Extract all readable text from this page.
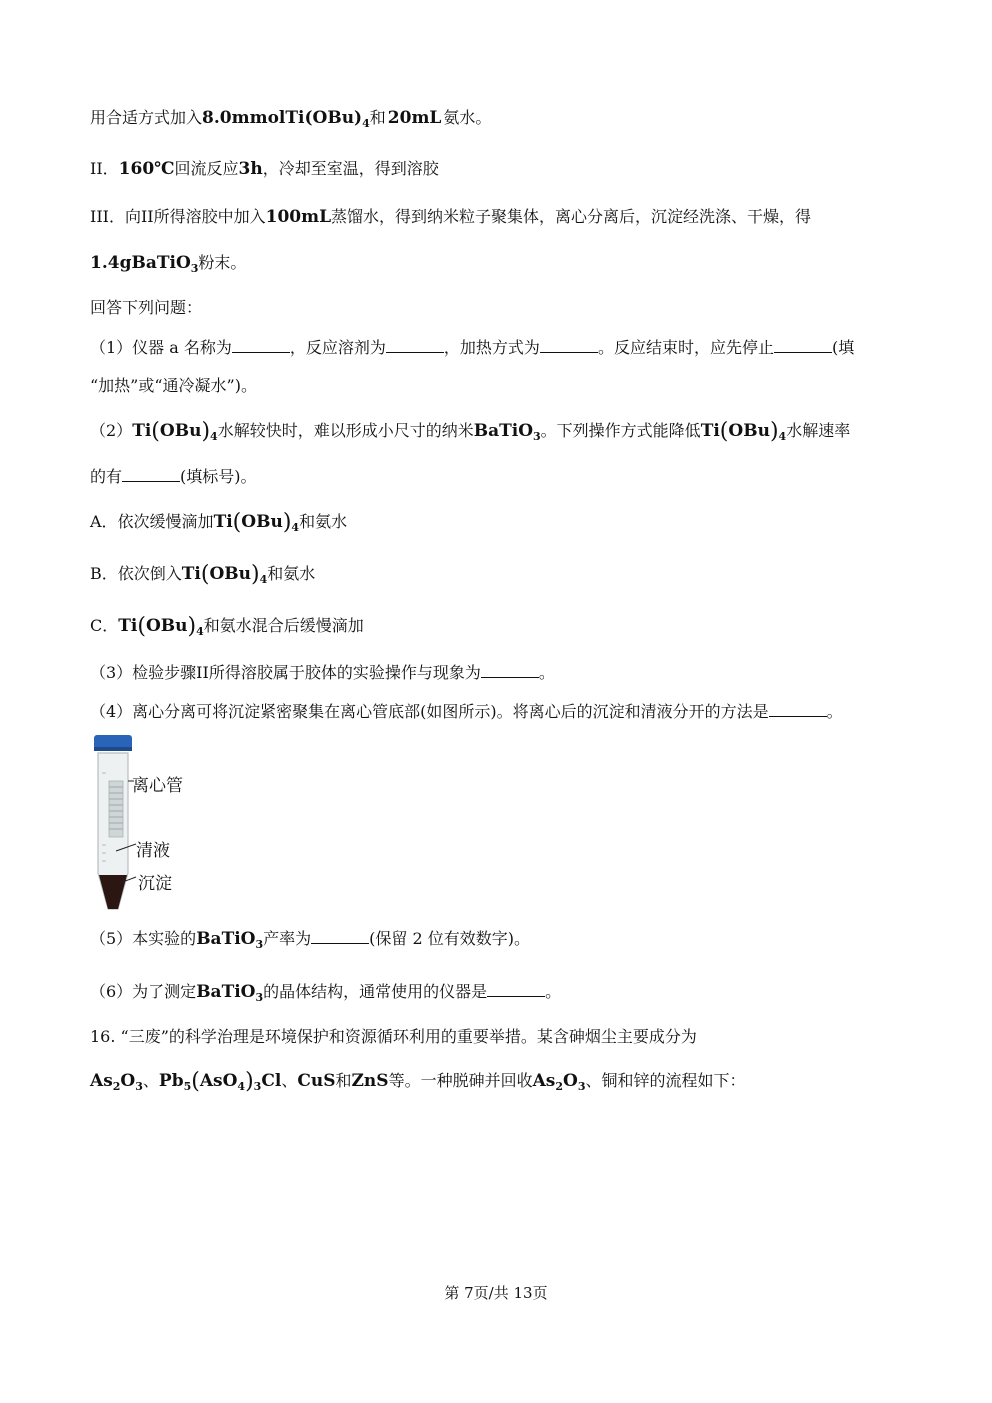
用合适方式加入$8.0mmolTi(OBu)_4$和 20mL 氨水。
II．160℃回流反应3h，冷却至室温，得到溶胶
III．向II所得溶胶中加入100mL蒸馏水，得到纳米粒子聚集体，离心分离后，沉淀经洗涤、干燥，得
1.4gBaTiO$_3$粉末。
回答下列问题：
（1）仪器 a 名称为	，反应溶剂为	，加热方式为	。反应结束时，应先停止	(填
“加热”或“通冷凝水”)。
$(2)Ti(OBu)_4$水解较快时，难以形成小尺寸的纳米BaTiO$_3$。下列操作方式能降低$Ti(OBu)_4$水解速率
的有	(填标号)。
A．依次缓慢滴加$Ti(OBu)_4$和氨水
B．依次倒入$Ti(OBu)_4$和氨水
C．$Ti(OBu)_4$和氨水混合后缓慢滴加
（3）检验步骤II所得溶胶属于胶体的实验操作与现象为	。
（4）离心分离可将沉淀紧密聚集在离心管底部(如图所示)。将离心后的沉淀和清液分开的方法是	。
离心管
清液
沉淀
（5）本实验的BaTiO$_3$产率为	(保留 2 位有效数字)。
（6）为了测定BaTiO$_3$的晶体结构，通常使用的仪器是	。
16. “三废”的科学治理是环境保护和资源循环利用的重要举措。某含砷烟尘主要成分为
$As_2O_3$、$Pb_5(AsO_4)_3Cl$、CuS和ZnS等。一种脱砷并回收$As_2O_3$、铜和锌的流程如下：
第 7页/共 13页
